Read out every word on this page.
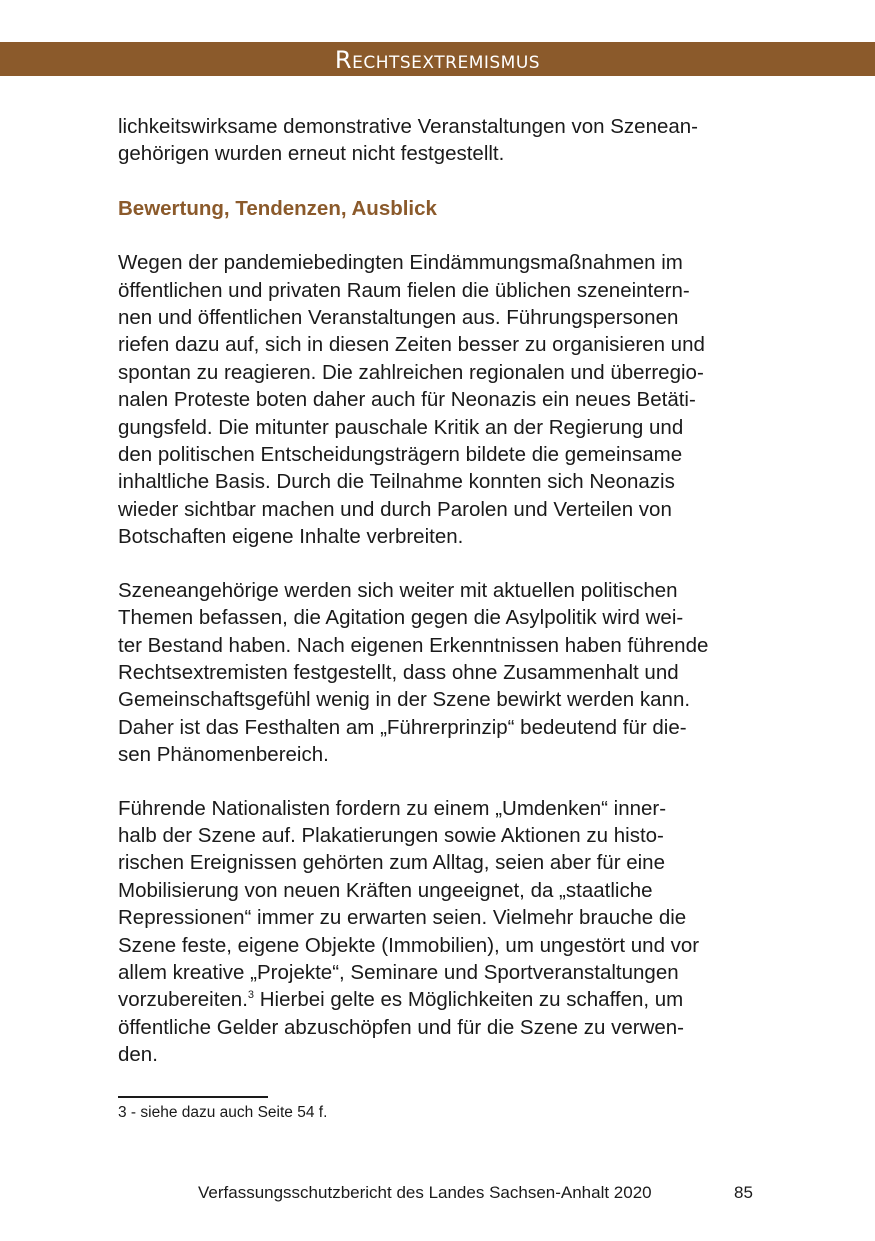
Rechtsextremismus

lichkeitswirksame demonstrative Veranstaltungen von Szenean-
gehörigen wurden erneut nicht festgestellt.

Bewertung, Tendenzen, Ausblick

Wegen der pandemiebedingten Eindämmungsmaßnahmen im
öffentlichen und privaten Raum fielen die üblichen szeneintern-
nen und öffentlichen Veranstaltungen aus. Führungspersonen
riefen dazu auf, sich in diesen Zeiten besser zu organisieren und
spontan zu reagieren. Die zahlreichen regionalen und überregio-
nalen Proteste boten daher auch für Neonazis ein neues Betäti-
gungsfeld. Die mitunter pauschale Kritik an der Regierung und
den politischen Entscheidungsträgern bildete die gemeinsame
inhaltliche Basis. Durch die Teilnahme konnten sich Neonazis
wieder sichtbar machen und durch Parolen und Verteilen von
Botschaften eigene Inhalte verbreiten.

Szeneangehörige werden sich weiter mit aktuellen politischen
Themen befassen, die Agitation gegen die Asylpolitik wird wei-
ter Bestand haben. Nach eigenen Erkenntnissen haben führende
Rechtsextremisten festgestellt, dass ohne Zusammenhalt und
Gemeinschaftsgefühl wenig in der Szene bewirkt werden kann.
Daher ist das Festhalten am „Führerprinzip“ bedeutend für die-
sen Phänomenbereich.

Führende Nationalisten fordern zu einem „Umdenken“ inner-
halb der Szene auf. Plakatierungen sowie Aktionen zu histo-
rischen Ereignissen gehörten zum Alltag, seien aber für eine
Mobilisierung von neuen Kräften ungeeignet, da „staatliche
Repressionen“ immer zu erwarten seien. Vielmehr brauche die
Szene feste, eigene Objekte (Immobilien), um ungestört und vor
allem kreative „Projekte“, Seminare und Sportveranstaltungen
vorzubereiten.$^3$ Hierbei gelte es Möglichkeiten zu schaffen, um
öffentliche Gelder abzuschöpfen und für die Szene zu verwen-
den.

3 - siehe dazu auch Seite 54 f.
Verfassungsschutzbericht des Landes Sachsen-Anhalt 2020	85
